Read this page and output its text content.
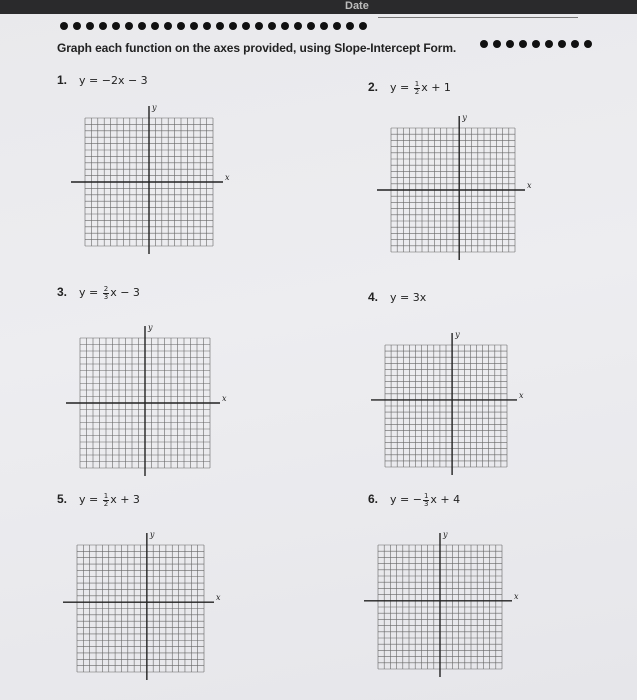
Date
Graph each function on the axes provided, using Slope-Intercept Form.
1. y = −2x − 3	2. $y = \frac{1}{2}$ x + 1
3. $y = \frac{2}{3}$ x − 3	4. y = 3x
5. $y = \frac{1}{2}$ x + 3	6. y = − $\frac{1}{3}$ x + 4
x
y
x
y
x
y
x
y
x
y
x
y
